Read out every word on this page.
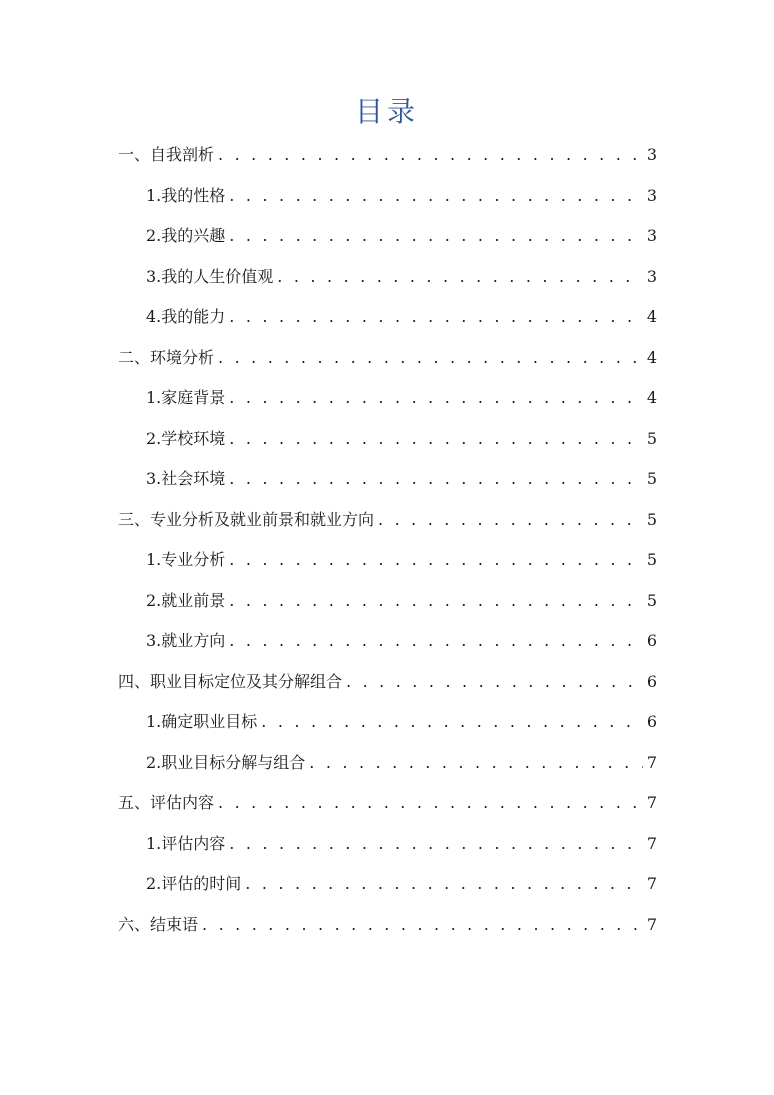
目录
一、自我剖析 . . .	3
1.我的性格 . . .	3
2.我的兴趣 . . .	3
3.我的人生价值观 . . .	3
4.我的能力 . . .	4
二、环境分析 . . .	4
1.家庭背景 . . .	4
2.学校环境 . . .	5
3.社会环境 . . .	5
三、专业分析及就业前景和就业方向 . . .	5
1.专业分析 . . .	5
2.就业前景 . . .	5
3.就业方向 . . .	6
四、职业目标定位及其分解组合 . . .	6
1.确定职业目标 . . .	6
2.职业目标分解与组合 . . .	7
五、评估内容 . . .	7
1.评估内容 . . .	7
2.评估的时间 . . .	7
六、结束语 . . .	7
